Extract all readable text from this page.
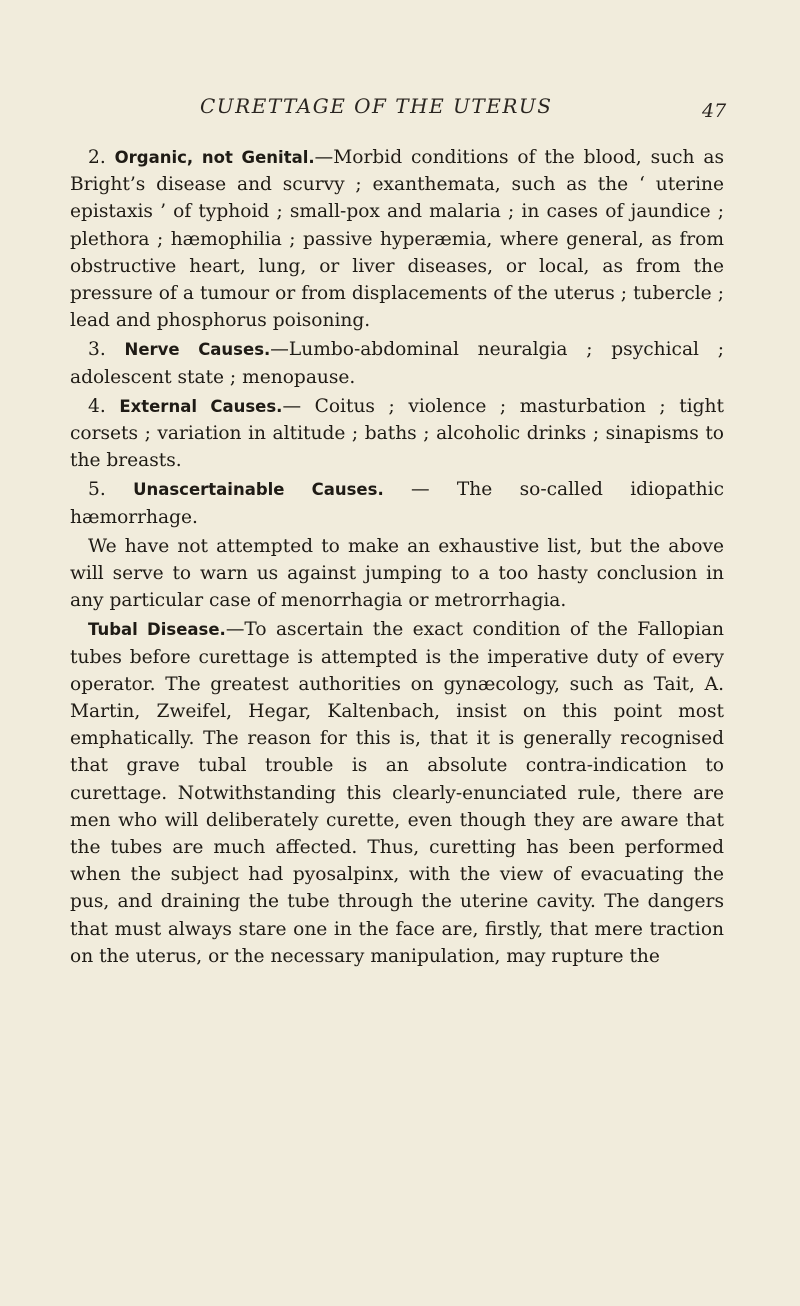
CURETTAGE OF THE UTERUS	47

2. Organic, not Genital.—Morbid conditions of the blood, such as Bright’s disease and scurvy ; exanthemata, such as the ‘ uterine epistaxis ’ of typhoid ; small-pox and malaria ; in cases of jaundice ; plethora ; hæmophilia ; passive hyperæmia, where general, as from obstructive heart, lung, or liver diseases, or local, as from the pressure of a tumour or from displacements of the uterus ; tubercle ; lead and phosphorus poisoning.

3. Nerve Causes.—Lumbo-abdominal neuralgia ; psychical ; adolescent state ; menopause.

4. External Causes.— Coitus ; violence ; masturbation ; tight corsets ; variation in altitude ; baths ; alcoholic drinks ; sinapisms to the breasts.

5. Unascertainable Causes. — The so-called idiopathic hæmorrhage.

We have not attempted to make an exhaustive list, but the above will serve to warn us against jumping to a too hasty conclusion in any particular case of menorrhagia or metrorrhagia.

Tubal Disease.—To ascertain the exact condition of the Fallopian tubes before curettage is attempted is the imperative duty of every operator. The greatest authorities on gynæcology, such as Tait, A. Martin, Zweifel, Hegar, Kaltenbach, insist on this point most emphatically. The reason for this is, that it is generally recognised that grave tubal trouble is an absolute contra-indication to curettage. Notwithstanding this clearly-enunciated rule, there are men who will deliberately curette, even though they are aware that the tubes are much affected. Thus, curetting has been performed when the subject had pyosalpinx, with the view of evacuating the pus, and draining the tube through the uterine cavity. The dangers that must always stare one in the face are, firstly, that mere traction on the uterus, or the necessary manipulation, may rupture the
